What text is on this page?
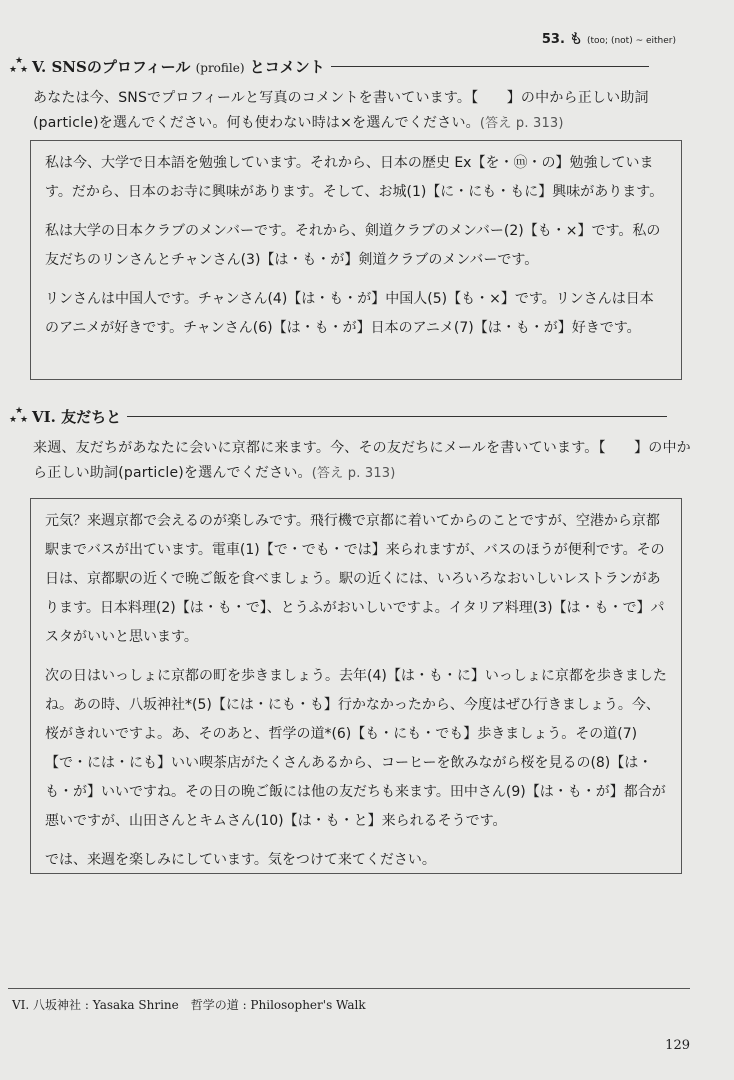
53. も (too; (not) ~ either)
★
★ ★ V. SNSのプロフィール (profile) とコメント
あなたは今、SNSでプロフィールと写真のコメントを書いています。【　　】の中から正しい助詞(particle)を選んでください。何も使わない時は×を選んでください。(答え p. 313)

私は今、大学で日本語を勉強しています。それから、日本の歴史 Ex【を・ⓜ・の】勉強しています。だから、日本のお寺に興味があります。そして、お城(1)【に・にも・もに】興味があります。

私は大学の日本クラブのメンバーです。それから、剣道クラブのメンバー(2)【も・×】です。私の友だちのリンさんとチャンさん(3)【は・も・が】剣道クラブのメンバーです。

リンさんは中国人です。チャンさん(4)【は・も・が】中国人(5)【も・×】です。リンさんは日本のアニメが好きです。チャンさん(6)【は・も・が】日本のアニメ(7)【は・も・が】好きです。

★
★ ★ VI. 友だちと
来週、友だちがあなたに会いに京都に来ます。今、その友だちにメールを書いています。【　　】の中から正しい助詞(particle)を選んでください。(答え p. 313)

元気？来週京都で会えるのが楽しみです。飛行機で京都に着いてからのことですが、空港から京都駅までバスが出ています。電車(1)【で・でも・では】来られますが、バスのほうが便利です。その日は、京都駅の近くで晩ご飯を食べましょう。駅の近くには、いろいろなおいしいレストランがあります。日本料理(2)【は・も・で】、とうふがおいしいですよ。イタリア料理(3)【は・も・で】パスタがいいと思います。

次の日はいっしょに京都の町を歩きましょう。去年(4)【は・も・に】いっしょに京都を歩きましたね。あの時、八坂神社*(5)【には・にも・も】行かなかったから、今度はぜひ行きましょう。今、桜がきれいですよ。あ、そのあと、哲学の道*(6)【も・にも・でも】歩きましょう。その道(7)【で・には・にも】いい喫茶店がたくさんあるから、コーヒーを飲みながら桜を見るの(8)【は・も・が】いいですね。その日の晩ご飯には他の友だちも来ます。田中さん(9)【は・も・が】都合が悪いですが、山田さんとキムさん(10)【は・も・と】来られるそうです。

では、来週を楽しみにしています。気をつけて来てください。

VI. 八坂神社 : Yasaka Shrine　哲学の道 : Philosopher's Walk
129
